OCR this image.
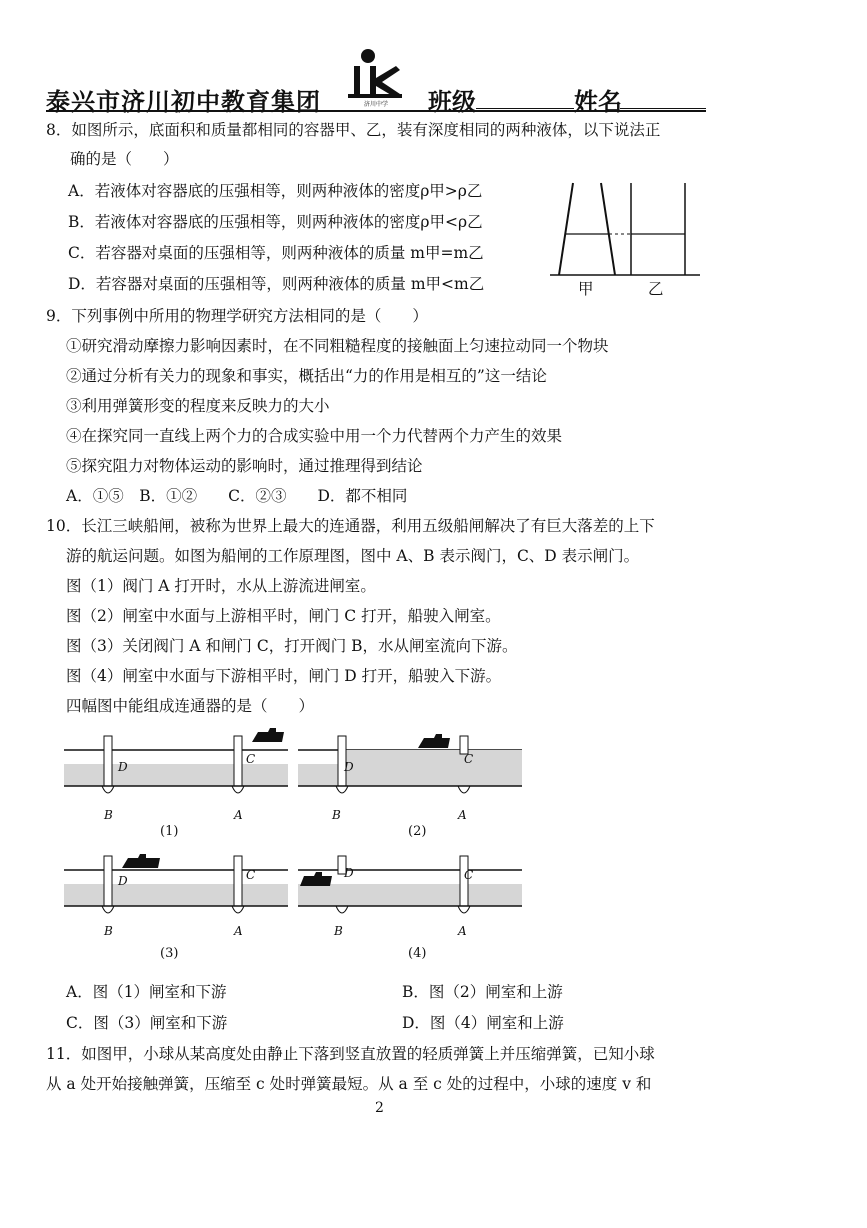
泰兴市济川初中教育集团	济川中学 班级	姓名
8．如图所示，底面积和质量都相同的容器甲、乙，装有深度相同的两种液体，以下说法正
确的是（　　）
A．若液体对容器底的压强相等，则两种液体的密度ρ甲>ρ乙
B．若液体对容器底的压强相等，则两种液体的密度ρ甲<ρ乙
C．若容器对桌面的压强相等，则两种液体的质量 m甲=m乙
D．若容器对桌面的压强相等，则两种液体的质量 m甲<m乙	甲	乙
9．下列事例中所用的物理学研究方法相同的是（　　）
①研究滑动摩擦力影响因素时，在不同粗糙程度的接触面上匀速拉动同一个物块
②通过分析有关力的现象和事实，概括出“力的作用是相互的”这一结论
③利用弹簧形变的程度来反映力的大小
④在探究同一直线上两个力的合成实验中用一个力代替两个力产生的效果
⑤探究阻力对物体运动的影响时，通过推理得到结论
A．①⑤　B．①②　　C．②③　　D．都不相同
10．长江三峡船闸，被称为世界上最大的连通器，利用五级船闸解决了有巨大落差的上下
游的航运问题。如图为船闸的工作原理图，图中 A、B 表示阀门，C、D 表示闸门。
图（1）阀门 A 打开时，水从上游流进闸室。
图（2）闸室中水面与上游相平时，闸门 C 打开，船驶入闸室。
图（3）关闭阀门 A 和闸门 C，打开阀门 B，水从闸室流向下游。
图（4）闸室中水面与下游相平时，闸门 D 打开，船驶入下游。
四幅图中能组成连通器的是（　　）
D
C
B	A
(1)
D
C
B	A
(2)
D	C
B	A
(3)
D	C
B	A
(4)
A．图（1）闸室和下游	B．图（2）闸室和上游
C．图（3）闸室和下游	D．图（4）闸室和上游
11．如图甲，小球从某高度处由静止下落到竖直放置的轻质弹簧上并压缩弹簧，已知小球
从 a 处开始接触弹簧，压缩至 c 处时弹簧最短。从 a 至 c 处的过程中，小球的速度 v 和
2
